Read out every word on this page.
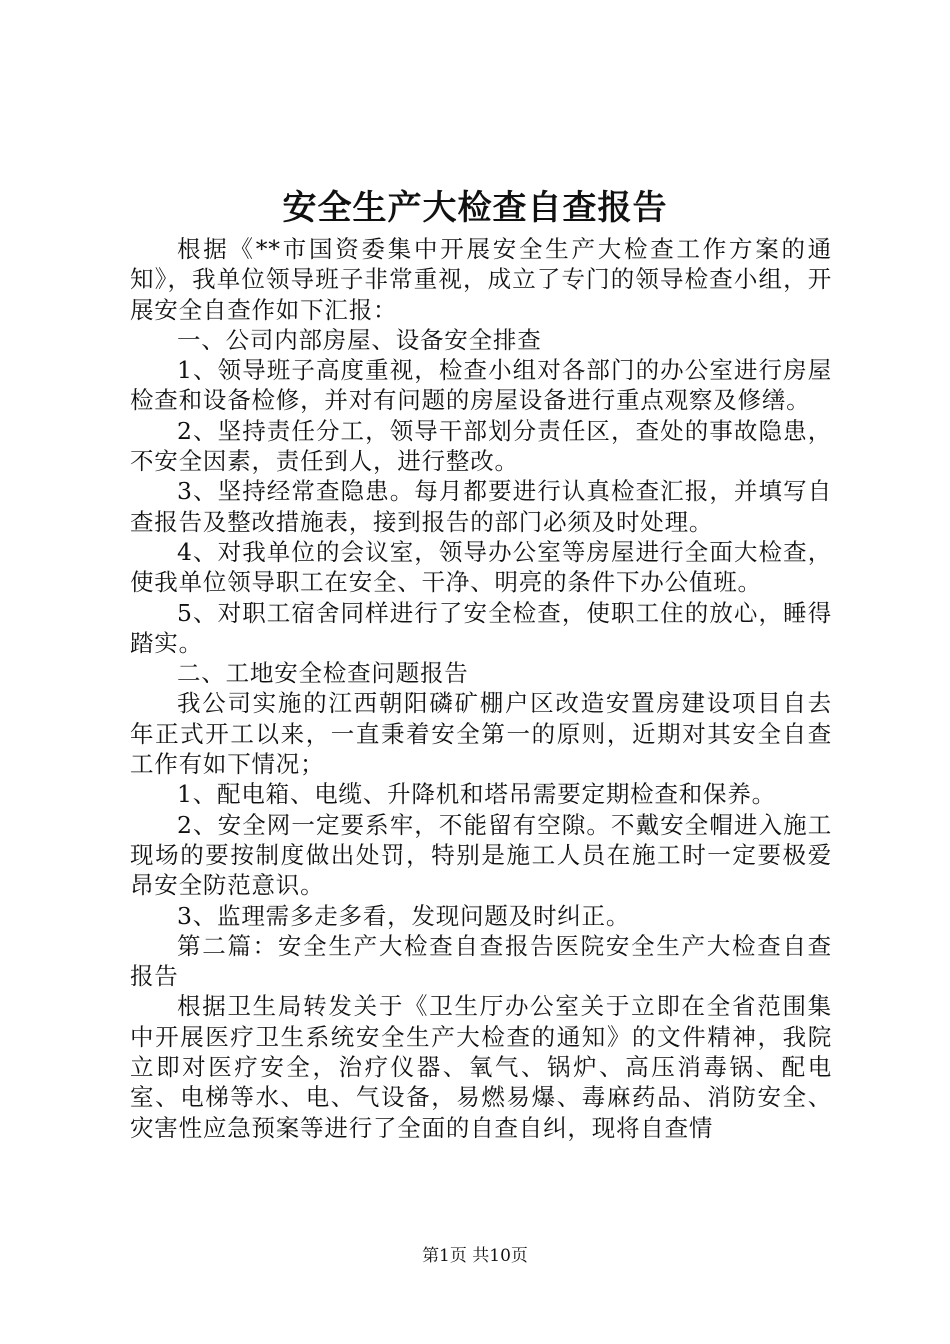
安全生产大检查自查报告

根据《**市国资委集中开展安全生产大检查工作方案的通知》，我单位领导班子非常重视，成立了专门的领导检查小组，开展安全自查作如下汇报：

一、公司内部房屋、设备安全排查

1、领导班子高度重视，检查小组对各部门的办公室进行房屋检查和设备检修，并对有问题的房屋设备进行重点观察及修缮。

2、坚持责任分工，领导干部划分责任区，查处的事故隐患，不安全因素，责任到人，进行整改。

3、坚持经常查隐患。每月都要进行认真检查汇报，并填写自查报告及整改措施表，接到报告的部门必须及时处理。

4、对我单位的会议室，领导办公室等房屋进行全面大检查，使我单位领导职工在安全、干净、明亮的条件下办公值班。

5、对职工宿舍同样进行了安全检查，使职工住的放心，睡得踏实。

二、工地安全检查问题报告

我公司实施的江西朝阳磷矿棚户区改造安置房建设项目自去年正式开工以来，一直秉着安全第一的原则，近期对其安全自查工作有如下情况；

1、配电箱、电缆、升降机和塔吊需要定期检查和保养。

2、安全网一定要系牢，不能留有空隙。不戴安全帽进入施工现场的要按制度做出处罚，特别是施工人员在施工时一定要极爱昂安全防范意识。

3、监理需多走多看，发现问题及时纠正。

第二篇：安全生产大检查自查报告医院安全生产大检查自查报告

根据卫生局转发关于《卫生厅办公室关于立即在全省范围集中开展医疗卫生系统安全生产大检查的通知》的文件精神，我院立即对医疗安全，治疗仪器、氧气、锅炉、高压消毒锅、配电室、电梯等水、电、气设备，易燃易爆、毒麻药品、消防安全、灾害性应急预案等进行了全面的自查自纠，现将自查情

第1页 共10页
